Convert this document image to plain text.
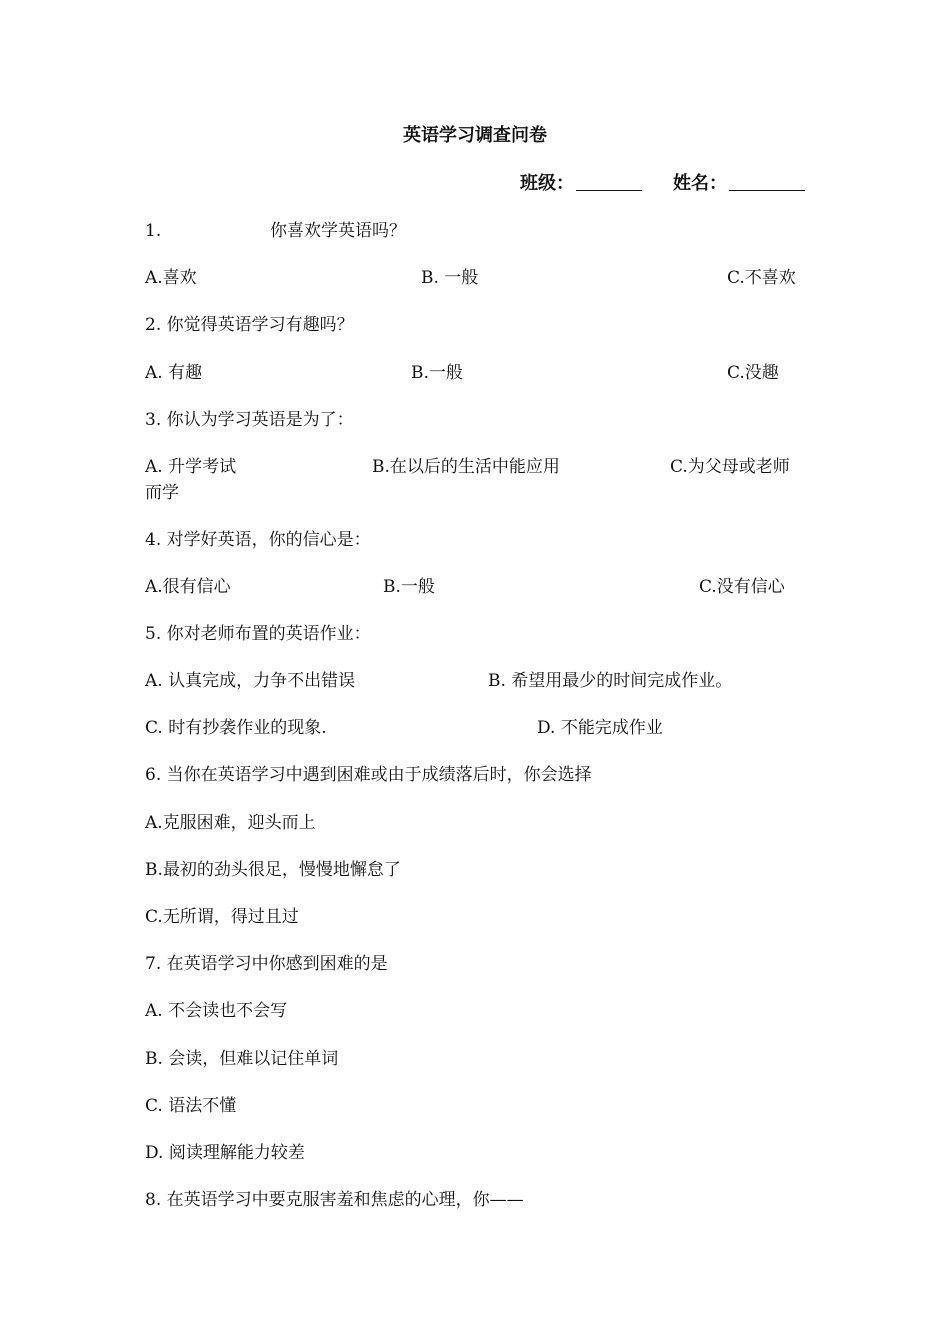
英语学习调查问卷
班级：	姓名：
1.	你喜欢学英语吗？
A.喜欢	B. 一般	C.不喜欢
2. 你觉得英语学习有趣吗？
A. 有趣	B.一般	C.没趣
3. 你认为学习英语是为了：
A. 升学考试	B.在以后的生活中能应用	C.为父母或老师
而学
4. 对学好英语，你的信心是：
A.很有信心	B.一般	C.没有信心
5. 你对老师布置的英语作业：
A. 认真完成，力争不出错误	B. 希望用最少的时间完成作业。
C. 时有抄袭作业的现象.	D. 不能完成作业
6. 当你在英语学习中遇到困难或由于成绩落后时，你会选择
A.克服困难，迎头而上
B.最初的劲头很足，慢慢地懈怠了
C.无所谓，得过且过
7. 在英语学习中你感到困难的是
A. 不会读也不会写
B. 会读，但难以记住单词
C. 语法不懂
D. 阅读理解能力较差
8. 在英语学习中要克服害羞和焦虑的心理，你——
